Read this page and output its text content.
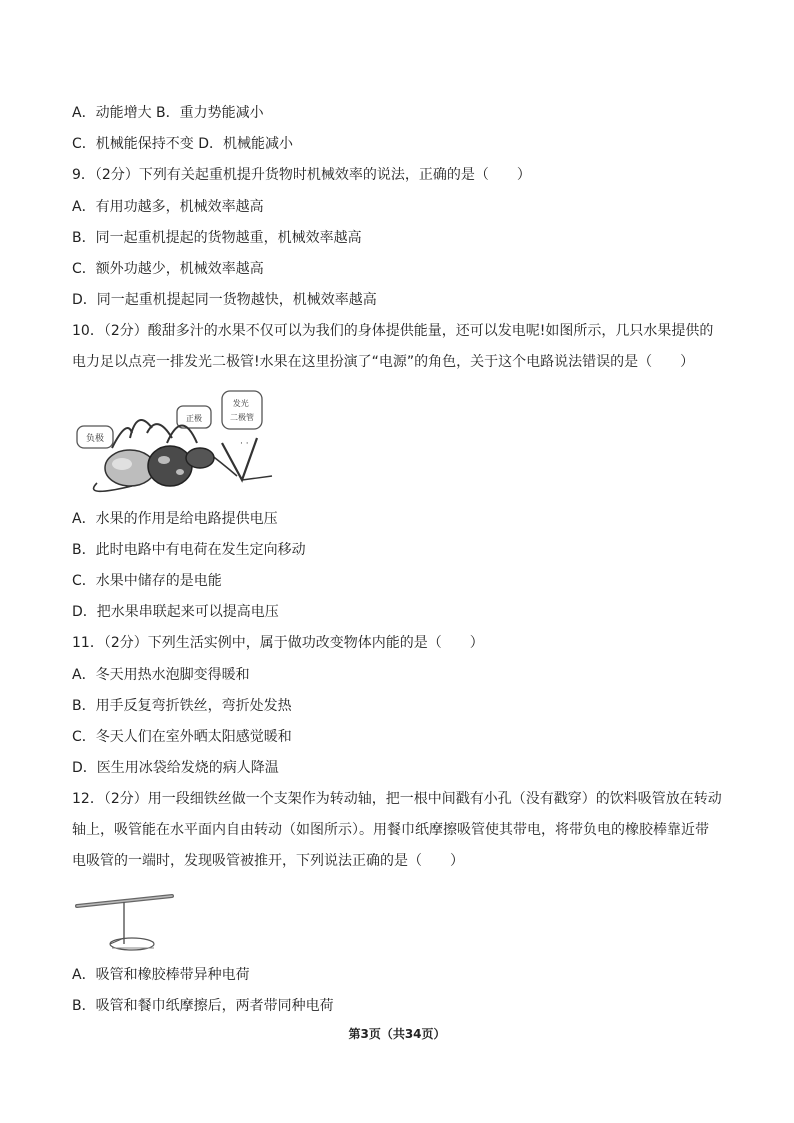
A．动能增大 B．重力势能减小
C．机械能保持不变 D．机械能减小
9．（2分）下列有关起重机提升货物时机械效率的说法，正确的是（　　）
A．有用功越多，机械效率越高
B．同一起重机提起的货物越重，机械效率越高
C．额外功越少，机械效率越高
D．同一起重机提起同一货物越快，机械效率越高
10．（2分）酸甜多汁的水果不仅可以为我们的身体提供能量，还可以发电呢!如图所示，几只水果提供的
电力足以点亮一排发光二极管!水果在这里扮演了“电源”的角色，关于这个电路说法错误的是（　　）
负极
正极
发光 二极管
· ·
A．水果的作用是给电路提供电压
B．此时电路中有电荷在发生定向移动
C．水果中储存的是电能
D．把水果串联起来可以提高电压
11．（2分）下列生活实例中，属于做功改变物体内能的是（　　）
A．冬天用热水泡脚变得暖和
B．用手反复弯折铁丝，弯折处发热
C．冬天人们在室外晒太阳感觉暖和
D．医生用冰袋给发烧的病人降温
12．（2分）用一段细铁丝做一个支架作为转动轴，把一根中间戳有小孔（没有戳穿）的饮料吸管放在转动
轴上，吸管能在水平面内自由转动（如图所示）。用餐巾纸摩擦吸管使其带电，将带负电的橡胶棒靠近带
电吸管的一端时，发现吸管被推开，下列说法正确的是（　　）
A．吸管和橡胶棒带异种电荷
B．吸管和餐巾纸摩擦后，两者带同种电荷
第3页（共34页）
